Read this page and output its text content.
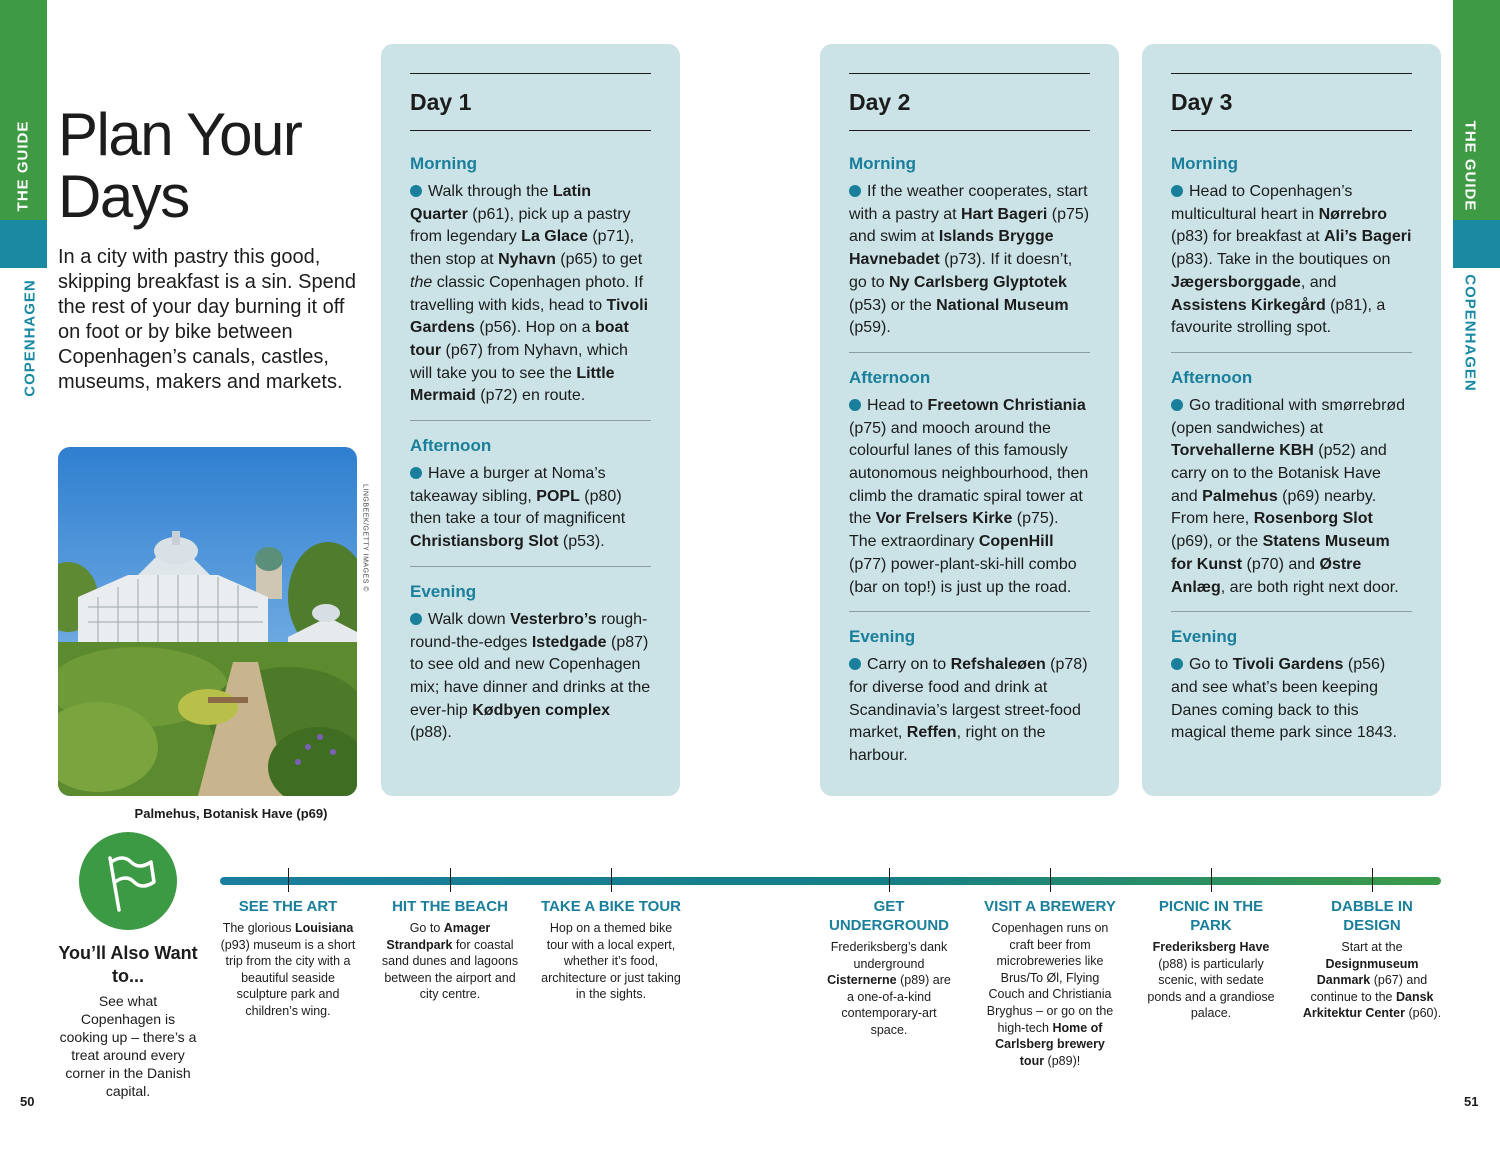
THE GUIDE
COPENHAGEN
THE GUIDE
COPENHAGEN
Plan Your Days

In a city with pastry this good, skipping breakfast is a sin. Spend the rest of your day burning it off on foot or by bike between Copenhagen’s canals, castles, museums, makers and markets.

LINGBEEK/GETTY IMAGES ©
Palmehus, Botanisk Have (p69)
Day 1
Morning
Walk through the Latin Quarter (p61), pick up a pastry from legendary La Glace (p71), then stop at Nyhavn (p65) to get the classic Copenhagen photo. If travelling with kids, head to Tivoli Gardens (p56). Hop on a boat tour (p67) from Nyhavn, which will take you to see the Little Mermaid (p72) en route.
Afternoon
Have a burger at Noma’s takeaway sibling, POPL (p80) then take a tour of magnificent Christiansborg Slot (p53).
Evening
Walk down Vesterbro’s rough-round-the-edges Istedgade (p87) to see old and new Copenhagen mix; have dinner and drinks at the ever-hip Kødbyen complex (p88).
Day 2
Morning
If the weather cooperates, start with a pastry at Hart Bageri (p75) and swim at Islands Brygge Havnebadet (p73). If it doesn’t, go to Ny Carlsberg Glyptotek (p53) or the National Museum (p59).
Afternoon
Head to Freetown Christiania (p75) and mooch around the colourful lanes of this famously autonomous neighbourhood, then climb the dramatic spiral tower at the Vor Frelsers Kirke (p75). The extraordinary CopenHill (p77) power-plant-ski-hill combo (bar on top!) is just up the road.
Evening
Carry on to Refshaleøen (p78) for diverse food and drink at Scandinavia’s largest street-food market, Reffen, right on the harbour.
Day 3
Morning
Head to Copenhagen’s multicultural heart in Nørrebro (p83) for breakfast at Ali’s Bageri (p83). Take in the boutiques on Jægersborggade, and Assistens Kirkegård (p81), a favourite strolling spot.
Afternoon
Go traditional with smørrebrød (open sandwiches) at Torvehallerne KBH (p52) and carry on to the Botanisk Have and Palmehus (p69) nearby. From here, Rosenborg Slot (p69), or the Statens Museum for Kunst (p70) and Østre Anlæg, are both right next door.
Evening
Go to Tivoli Gardens (p56) and see what’s been keeping Danes coming back to this magical theme park since 1843.
You’ll Also Want to...
See what Copenhagen is cooking up – there’s a treat around every corner in the Danish capital.
SEE THE ART
The glorious Louisiana (p93) museum is a short trip from the city with a beautiful seaside sculpture park and children’s wing.
HIT THE BEACH
Go to Amager Strandpark for coastal sand dunes and lagoons between the airport and city centre.
TAKE A BIKE TOUR
Hop on a themed bike tour with a local expert, whether it’s food, architecture or just taking in the sights.
GET UNDERGROUND
Frederiksberg’s dank underground Cisternerne (p89) are a one-of-a-kind contemporary-art space.
VISIT A BREWERY
Copenhagen runs on craft beer from microbreweries like Brus/To Øl, Flying Couch and Christiania Bryghus – or go on the high-tech Home of Carlsberg brewery tour (p89)!
PICNIC IN THE PARK
Frederiksberg Have (p88) is particularly scenic, with sedate ponds and a grandiose palace.
DABBLE IN DESIGN
Start at the Designmuseum Danmark (p67) and continue to the Dansk Arkitektur Center (p60).
50	51
